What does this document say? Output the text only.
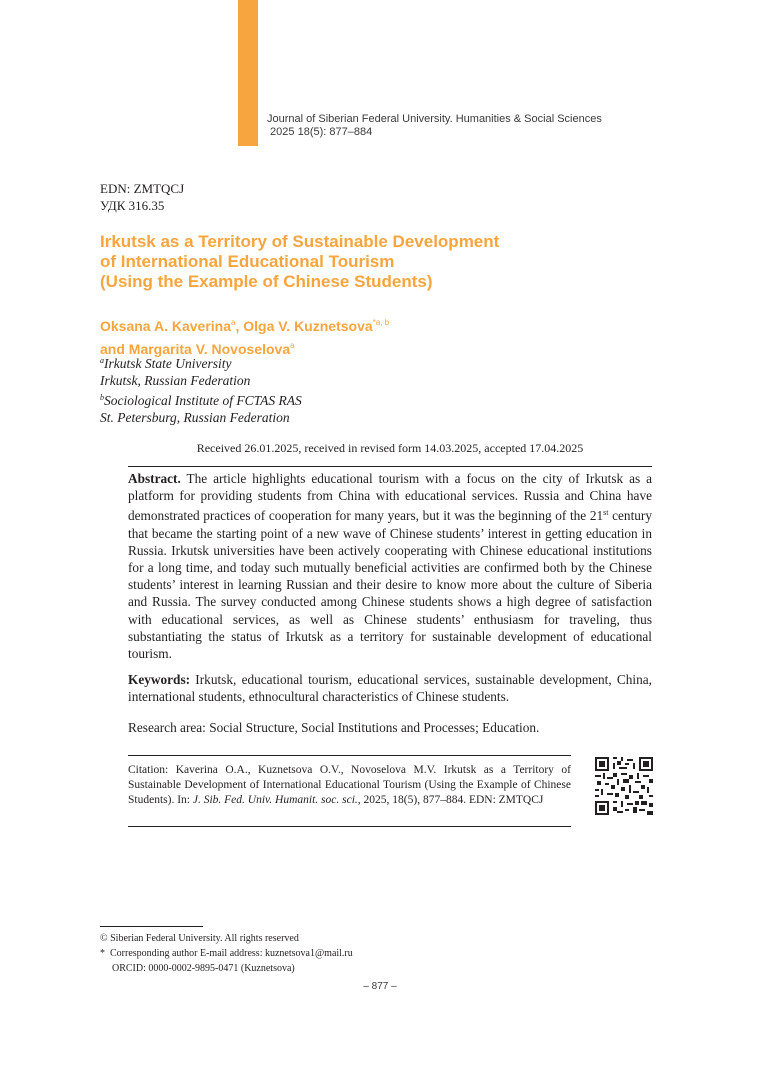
Journal of Siberian Federal University. Humanities & Social Sciences
2025 18(5): 877–884
EDN: ZMTQCJ
УДК 316.35
Irkutsk as a Territory of Sustainable Development
of International Educational Tourism
(Using the Example of Chinese Students)
Oksana A. Kaverina$^a$, Olga V. Kuznetsova$^{*a, b}$
and Margarita V. Novoselova$^a$
$^a$Irkutsk State University
Irkutsk, Russian Federation
$^b$Sociological Institute of FCTAS RAS
St. Petersburg, Russian Federation
Received 26.01.2025, received in revised form 14.03.2025, accepted 17.04.2025

Abstract. The article highlights educational tourism with a focus on the city of Irkutsk as a platform for providing students from China with educational services. Russia and China have demonstrated practices of cooperation for many years, but it was the beginning of the 21st century that became the starting point of a new wave of Chinese students’ interest in getting education in Russia. Irkutsk universities have been actively cooperating with Chinese educational institutions for a long time, and today such mutually beneficial activities are confirmed both by the Chinese students’ interest in learning Russian and their desire to know more about the culture of Siberia and Russia. The survey conducted among Chinese students shows a high degree of satisfaction with educational services, as well as Chinese students’ enthusiasm for traveling, thus substantiating the status of Irkutsk as a territory for sustainable development of educational tourism.

Keywords: Irkutsk, educational tourism, educational services, sustainable development, China, international students, ethnocultural characteristics of Chinese students.

Research area: Social Structure, Social Institutions and Processes; Education.

Citation: Kaverina O.A., Kuznetsova O.V., Novoselova M.V. Irkutsk as a Territory of Sustainable Development of International Educational Tourism (Using the Example of Chinese Students). In: J. Sib. Fed. Univ. Humanit. soc. sci., 2025, 18(5), 877–884. EDN: ZMTQCJ

© Siberian Federal University. All rights reserved
*  Corresponding author E-mail address: kuznetsova1@mail.ru
ORCID: 0000-0002-9895-0471 (Kuznetsova)
– 877 –
